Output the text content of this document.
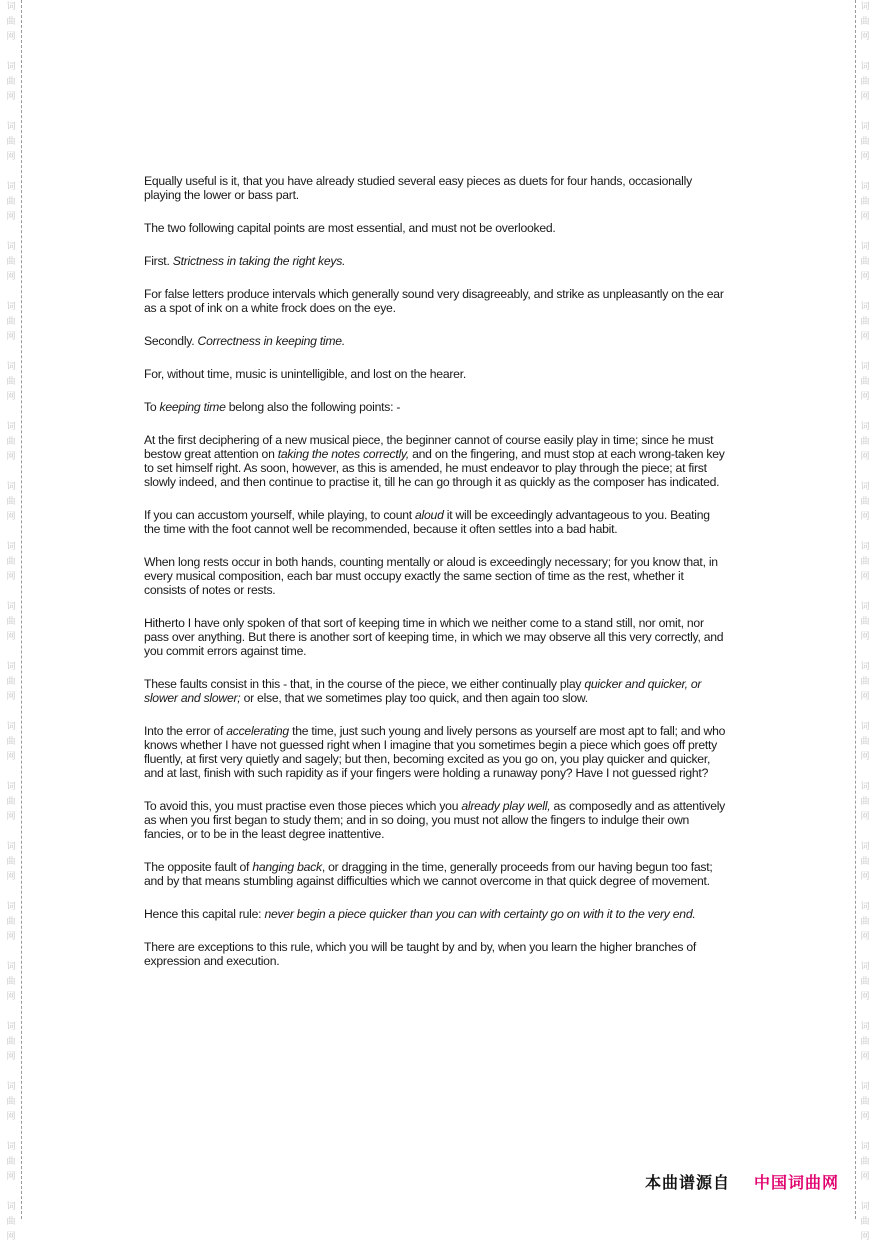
词
曲
网
词
曲
网
词
曲
网
词
曲
网
词
曲
网
词
曲
网
词
曲
网
词
曲
网
词
曲
网
词
曲
网
词
曲
网
词
曲
网
词
曲
网
词
曲
网
词
曲
网
词
曲
网
词
曲
网
词
曲
网
词
曲
网
词
曲
网
词
曲
网
词
曲
网
词
曲
网
词
曲
网
词
曲
网
词
曲
网
词
曲
网
词
曲
网
词
曲
网
词
曲
网
词
曲
网
词
曲
网
词
曲
网
词
曲
网
词
曲
网
词
曲
网
词
曲
网
词
曲
网
词
曲
网
词
曲
网
词
曲
网
词
曲
网

Equally useful is it, that you have already studied several easy pieces as duets for four hands, occasionally playing the lower or bass part.

The two following capital points are most essential, and must not be overlooked.

First. Strictness in taking the right keys.

For false letters produce intervals which generally sound very disagreeably, and strike as unpleasantly on the ear as a spot of ink on a white frock does on the eye.

Secondly. Correctness in keeping time.

For, without time, music is unintelligible, and lost on the hearer.

To keeping time belong also the following points: -

At the first deciphering of a new musical piece, the beginner cannot of course easily play in time; since he must bestow great attention on taking the notes correctly, and on the fingering, and must stop at each wrong-taken key to set himself right. As soon, however, as this is amended, he must endeavor to play through the piece; at first slowly indeed, and then continue to practise it, till he can go through it as quickly as the composer has indicated.

If you can accustom yourself, while playing, to count aloud it will be exceedingly advantageous to you. Beating the time with the foot cannot well be recommended, because it often settles into a bad habit.

When long rests occur in both hands, counting mentally or aloud is exceedingly necessary; for you know that, in every musical composition, each bar must occupy exactly the same section of time as the rest, whether it consists of notes or rests.

Hitherto I have only spoken of that sort of keeping time in which we neither come to a stand still, nor omit, nor pass over anything. But there is another sort of keeping time, in which we may observe all this very correctly, and you commit errors against time.

These faults consist in this - that, in the course of the piece, we either continually play quicker and quicker, or slower and slower; or else, that we sometimes play too quick, and then again too slow.

Into the error of accelerating the time, just such young and lively persons as yourself are most apt to fall; and who knows whether I have not guessed right when I imagine that you sometimes begin a piece which goes off pretty fluently, at first very quietly and sagely; but then, becoming excited as you go on, you play quicker and quicker, and at last, finish with such rapidity as if your fingers were holding a runaway pony? Have I not guessed right?

To avoid this, you must practise even those pieces which you already play well, as composedly and as attentively as when you first began to study them; and in so doing, you must not allow the fingers to indulge their own fancies, or to be in the least degree inattentive.

The opposite fault of hanging back, or dragging in the time, generally proceeds from our having begun too fast; and by that means stumbling against difficulties which we cannot overcome in that quick degree of movement.

Hence this capital rule: never begin a piece quicker than you can with certainty go on with it to the very end.

There are exceptions to this rule, which you will be taught by and by, when you learn the higher branches of expression and execution.

本曲谱源自 中国词曲网
